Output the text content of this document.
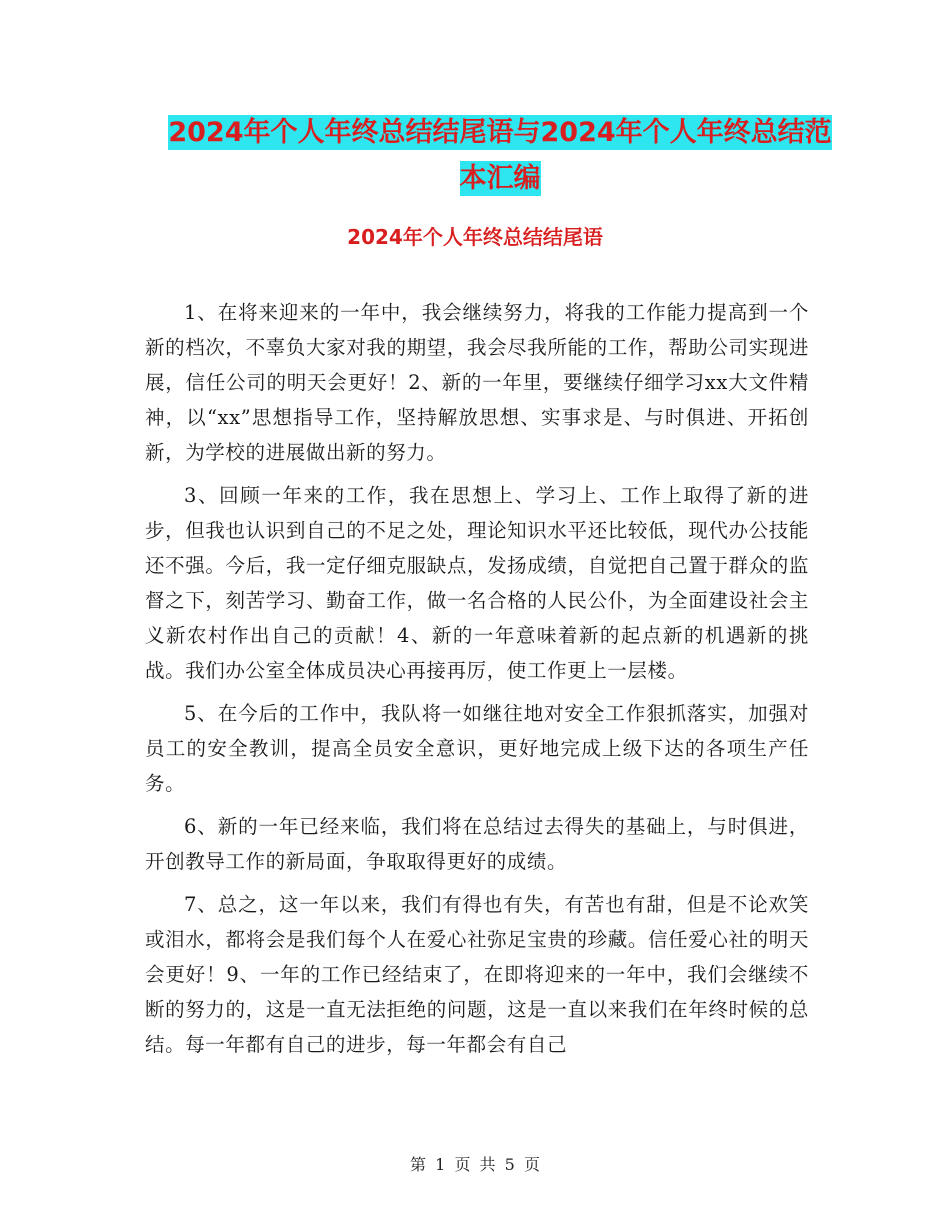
2024年个人年终总结结尾语与2024年个人年终总结范
本汇编
2024年个人年终总结结尾语

1、在将来迎来的一年中，我会继续努力，将我的工作能力提高到一个新的档次，不辜负大家对我的期望，我会尽我所能的工作，帮助公司实现进展，信任公司的明天会更好！2、新的一年里，要继续仔细学习xx大文件精神，以“xx”思想指导工作，坚持解放思想、实事求是、与时俱进、开拓创新，为学校的进展做出新的努力。

3、回顾一年来的工作，我在思想上、学习上、工作上取得了新的进步，但我也认识到自己的不足之处，理论知识水平还比较低，现代办公技能还不强。今后，我一定仔细克服缺点，发扬成绩，自觉把自己置于群众的监督之下，刻苦学习、勤奋工作，做一名合格的人民公仆，为全面建设社会主义新农村作出自己的贡献！4、新的一年意味着新的起点新的机遇新的挑战。我们办公室全体成员决心再接再厉，使工作更上一层楼。

5、在今后的工作中，我队将一如继往地对安全工作狠抓落实，加强对员工的安全教训，提高全员安全意识，更好地完成上级下达的各项生产任务。

6、新的一年已经来临，我们将在总结过去得失的基础上，与时俱进，开创教导工作的新局面，争取取得更好的成绩。

7、总之，这一年以来，我们有得也有失，有苦也有甜，但是不论欢笑或泪水，都将会是我们每个人在爱心社弥足宝贵的珍藏。信任爱心社的明天会更好！9、一年的工作已经结束了，在即将迎来的一年中，我们会继续不断的努力的，这是一直无法拒绝的问题，这是一直以来我们在年终时候的总结。每一年都有自己的进步，每一年都会有自己

第 1 页 共 5 页
